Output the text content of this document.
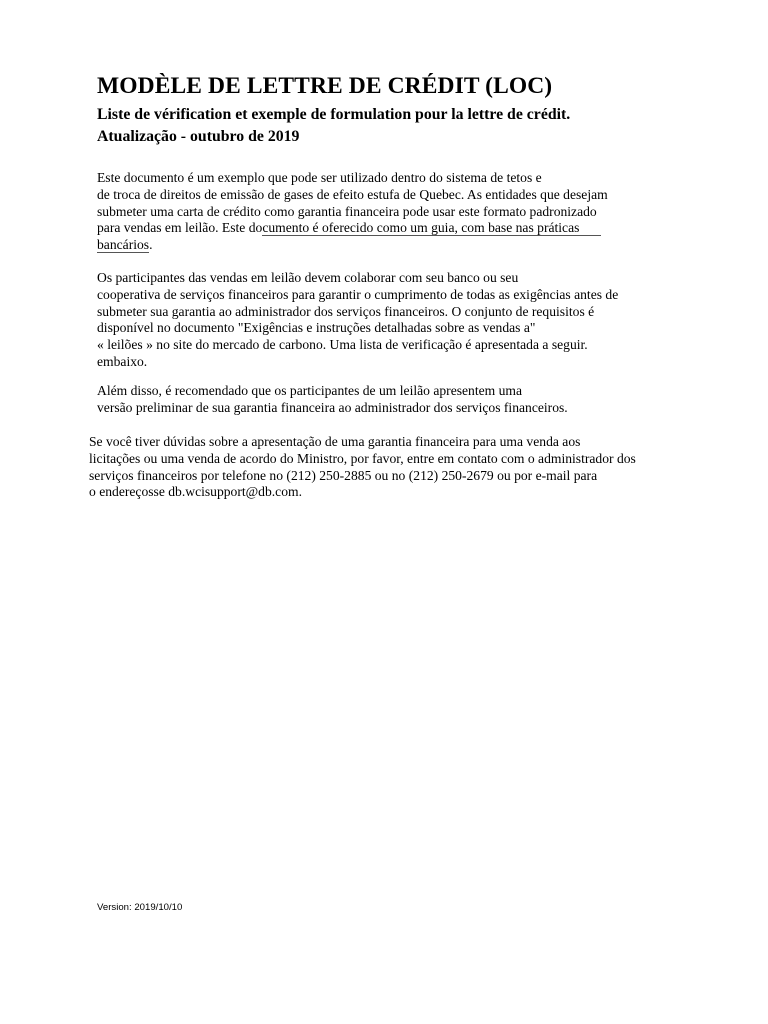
MODÈLE DE LETTRE DE CRÉDIT (LOC)
Liste de vérification et exemple de formulation pour la lettre de crédit.
Atualização - outubro de 2019

Este documento é um exemplo que pode ser utilizado dentro do sistema de tetos e
de troca de direitos de emissão de gases de efeito estufa de Quebec. As entidades que desejam
submeter uma carta de crédito como garantia financeira pode usar este formato padronizado
para vendas em leilão. Este documento é oferecido como um guia, com base nas práticas
bancários.

Os participantes das vendas em leilão devem colaborar com seu banco ou seu
cooperativa de serviços financeiros para garantir o cumprimento de todas as exigências antes de
submeter sua garantia ao administrador dos serviços financeiros. O conjunto de requisitos é
disponível no documento "Exigências e instruções detalhadas sobre as vendas a"
« leilões » no site do mercado de carbono. Uma lista de verificação é apresentada a seguir.
embaixo.

Além disso, é recomendado que os participantes de um leilão apresentem uma
versão preliminar de sua garantia financeira ao administrador dos serviços financeiros.

Se você tiver dúvidas sobre a apresentação de uma garantia financeira para uma venda aos
licitações ou uma venda de acordo do Ministro, por favor, entre em contato com o administrador dos
serviços financeiros por telefone no (212) 250-2885 ou no (212) 250-2679 ou por e-mail para
o endereçosse db.wcisupport@db.com.

Version: 2019/10/10
